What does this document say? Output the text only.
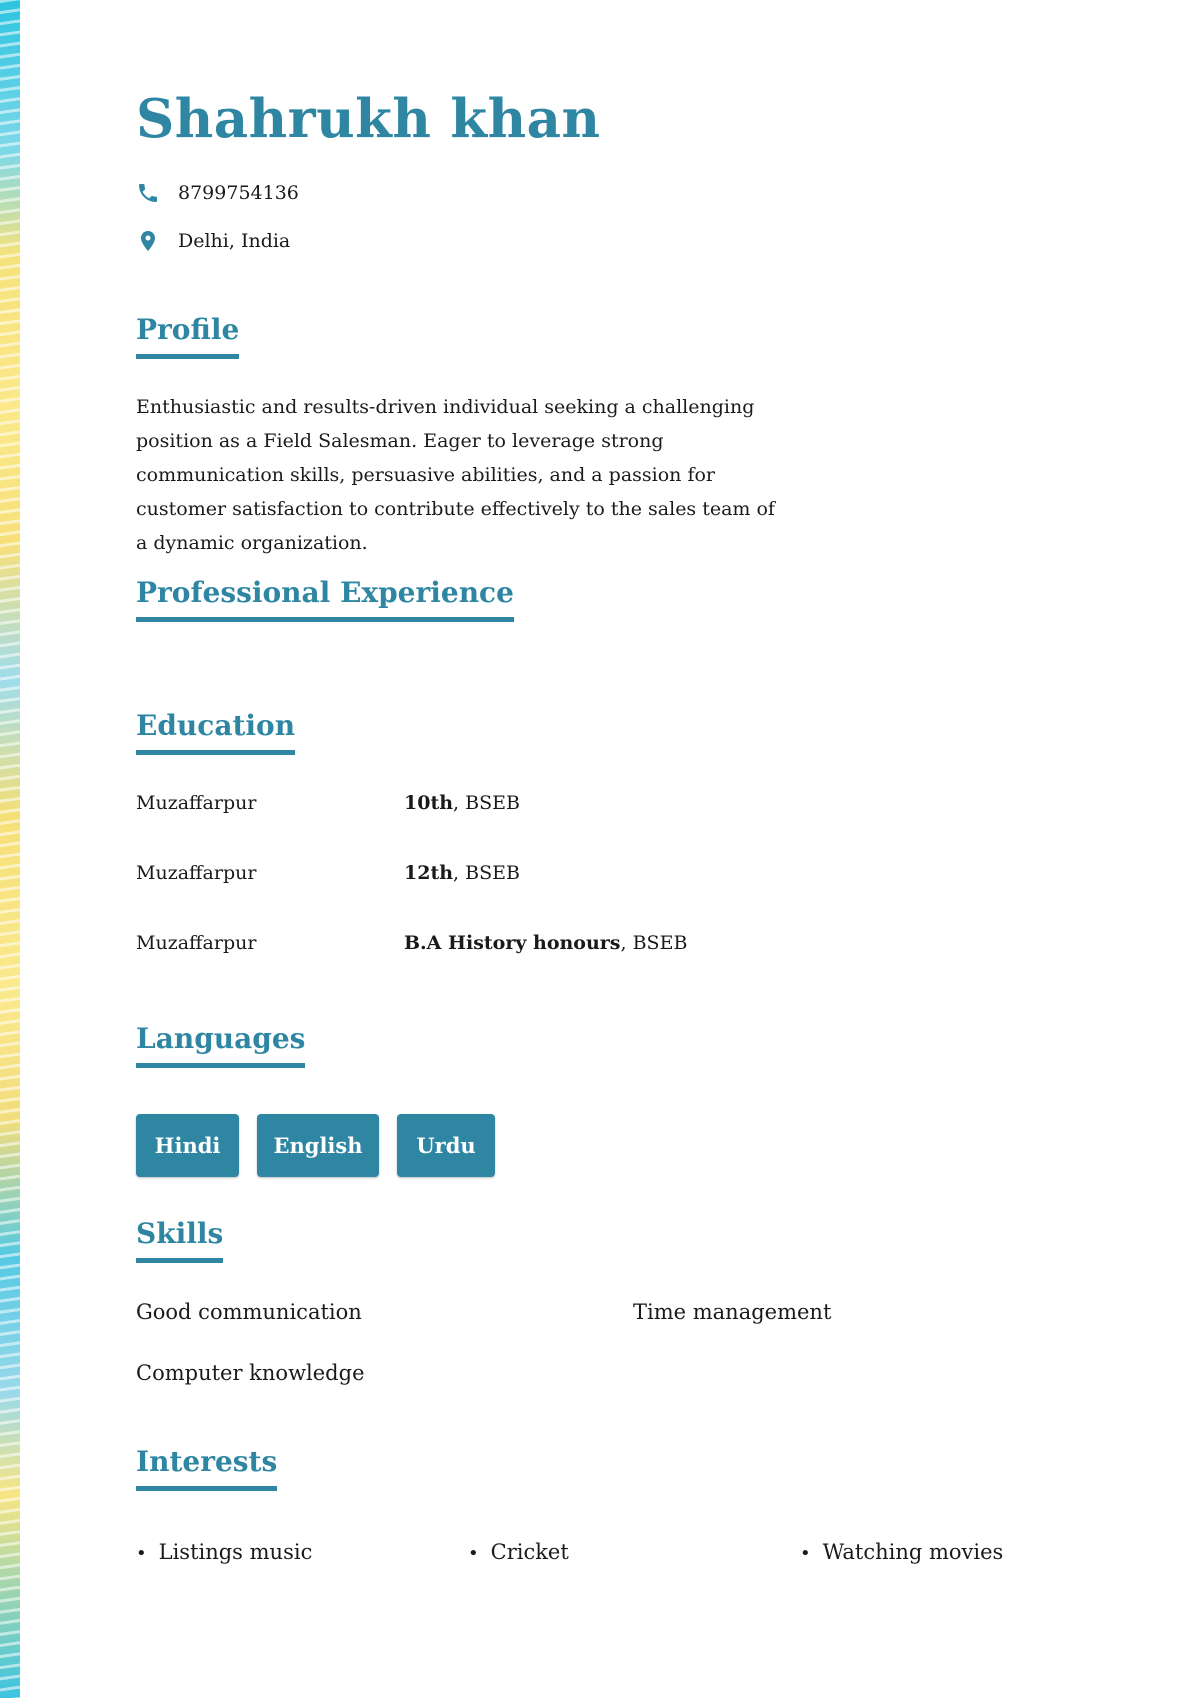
Shahrukh khan
8799754136
Delhi, India
Profile

Enthusiastic and results-driven individual seeking a challenging position as a Field Salesman. Eager to leverage strong communication skills, persuasive abilities, and a passion for customer satisfaction to contribute effectively to the sales team of a dynamic organization.

Professional Experience
Education
Muzaffarpur	10th, BSEB
Muzaffarpur	12th, BSEB
Muzaffarpur	B.A History honours, BSEB
Languages
Hindi	English	Urdu
Skills
Good communication	Time management
Computer knowledge
Interests
• Listings music	• Cricket	• Watching movies
